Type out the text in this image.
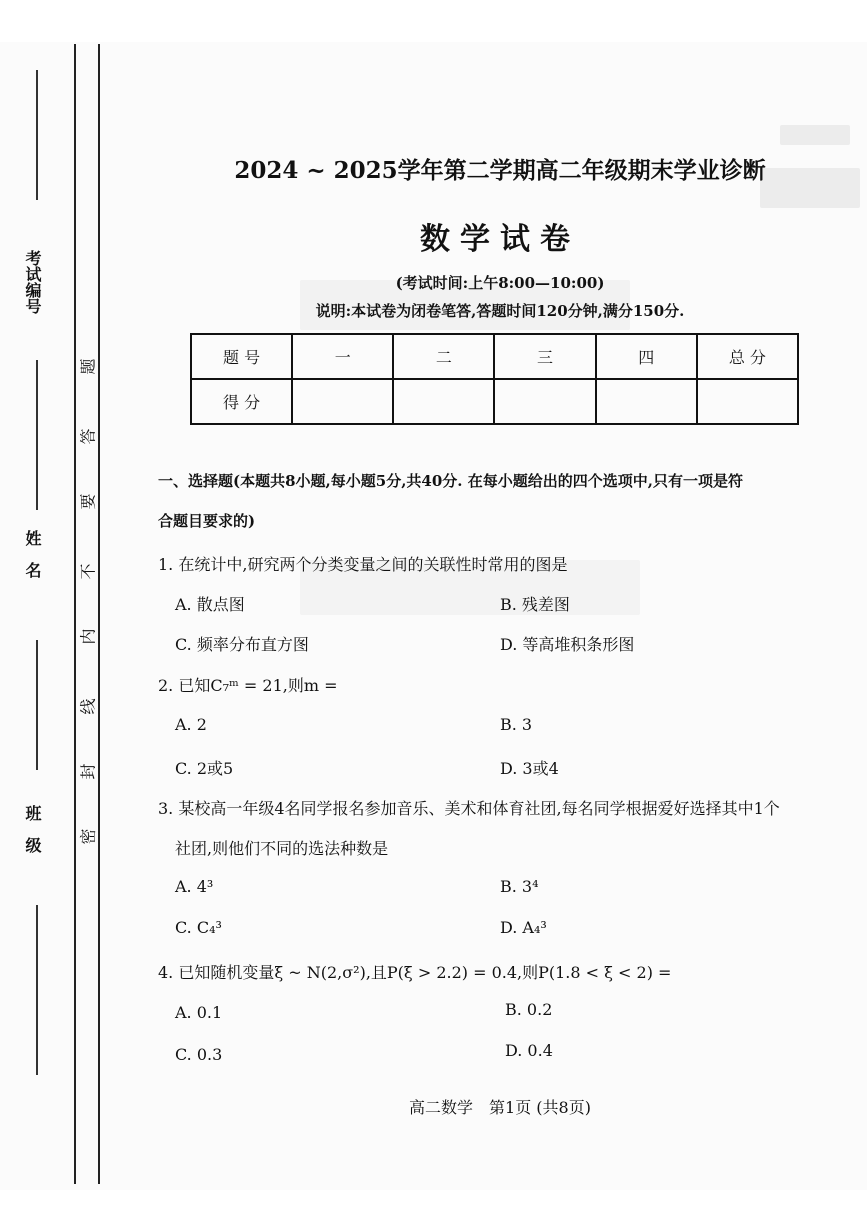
考试编号
姓　名
班　级
题
答
要
不
内
线
封
密
2024 ~ 2025学年第二学期高二年级期末学业诊断
数学试卷
(考试时间:上午8:00—10:00)
说明:本试卷为闭卷笔答,答题时间120分钟,满分150分.
题 号	一	二	三	四	总 分
得 分					
一、选择题(本题共8小题,每小题5分,共40分. 在每小题给出的四个选项中,只有一项是符
合题目要求的)
1. 在统计中,研究两个分类变量之间的关联性时常用的图是
A. 散点图	B. 残差图
C. 频率分布直方图	D. 等高堆积条形图
2. 已知C₇ᵐ = 21,则m =
A. 2	B. 3
C. 2或5	D. 3或4
3. 某校高一年级4名同学报名参加音乐、美术和体育社团,每名同学根据爱好选择其中1个
社团,则他们不同的选法种数是
A. 4³	B. 3⁴
C. C₄³	D. A₄³
4. 已知随机变量ξ ~ N(2,σ²),且P(ξ > 2.2) = 0.4,则P(1.8 < ξ < 2) =
A. 0.1	B. 0.2
C. 0.3	D. 0.4
高二数学　第1页 (共8页)
